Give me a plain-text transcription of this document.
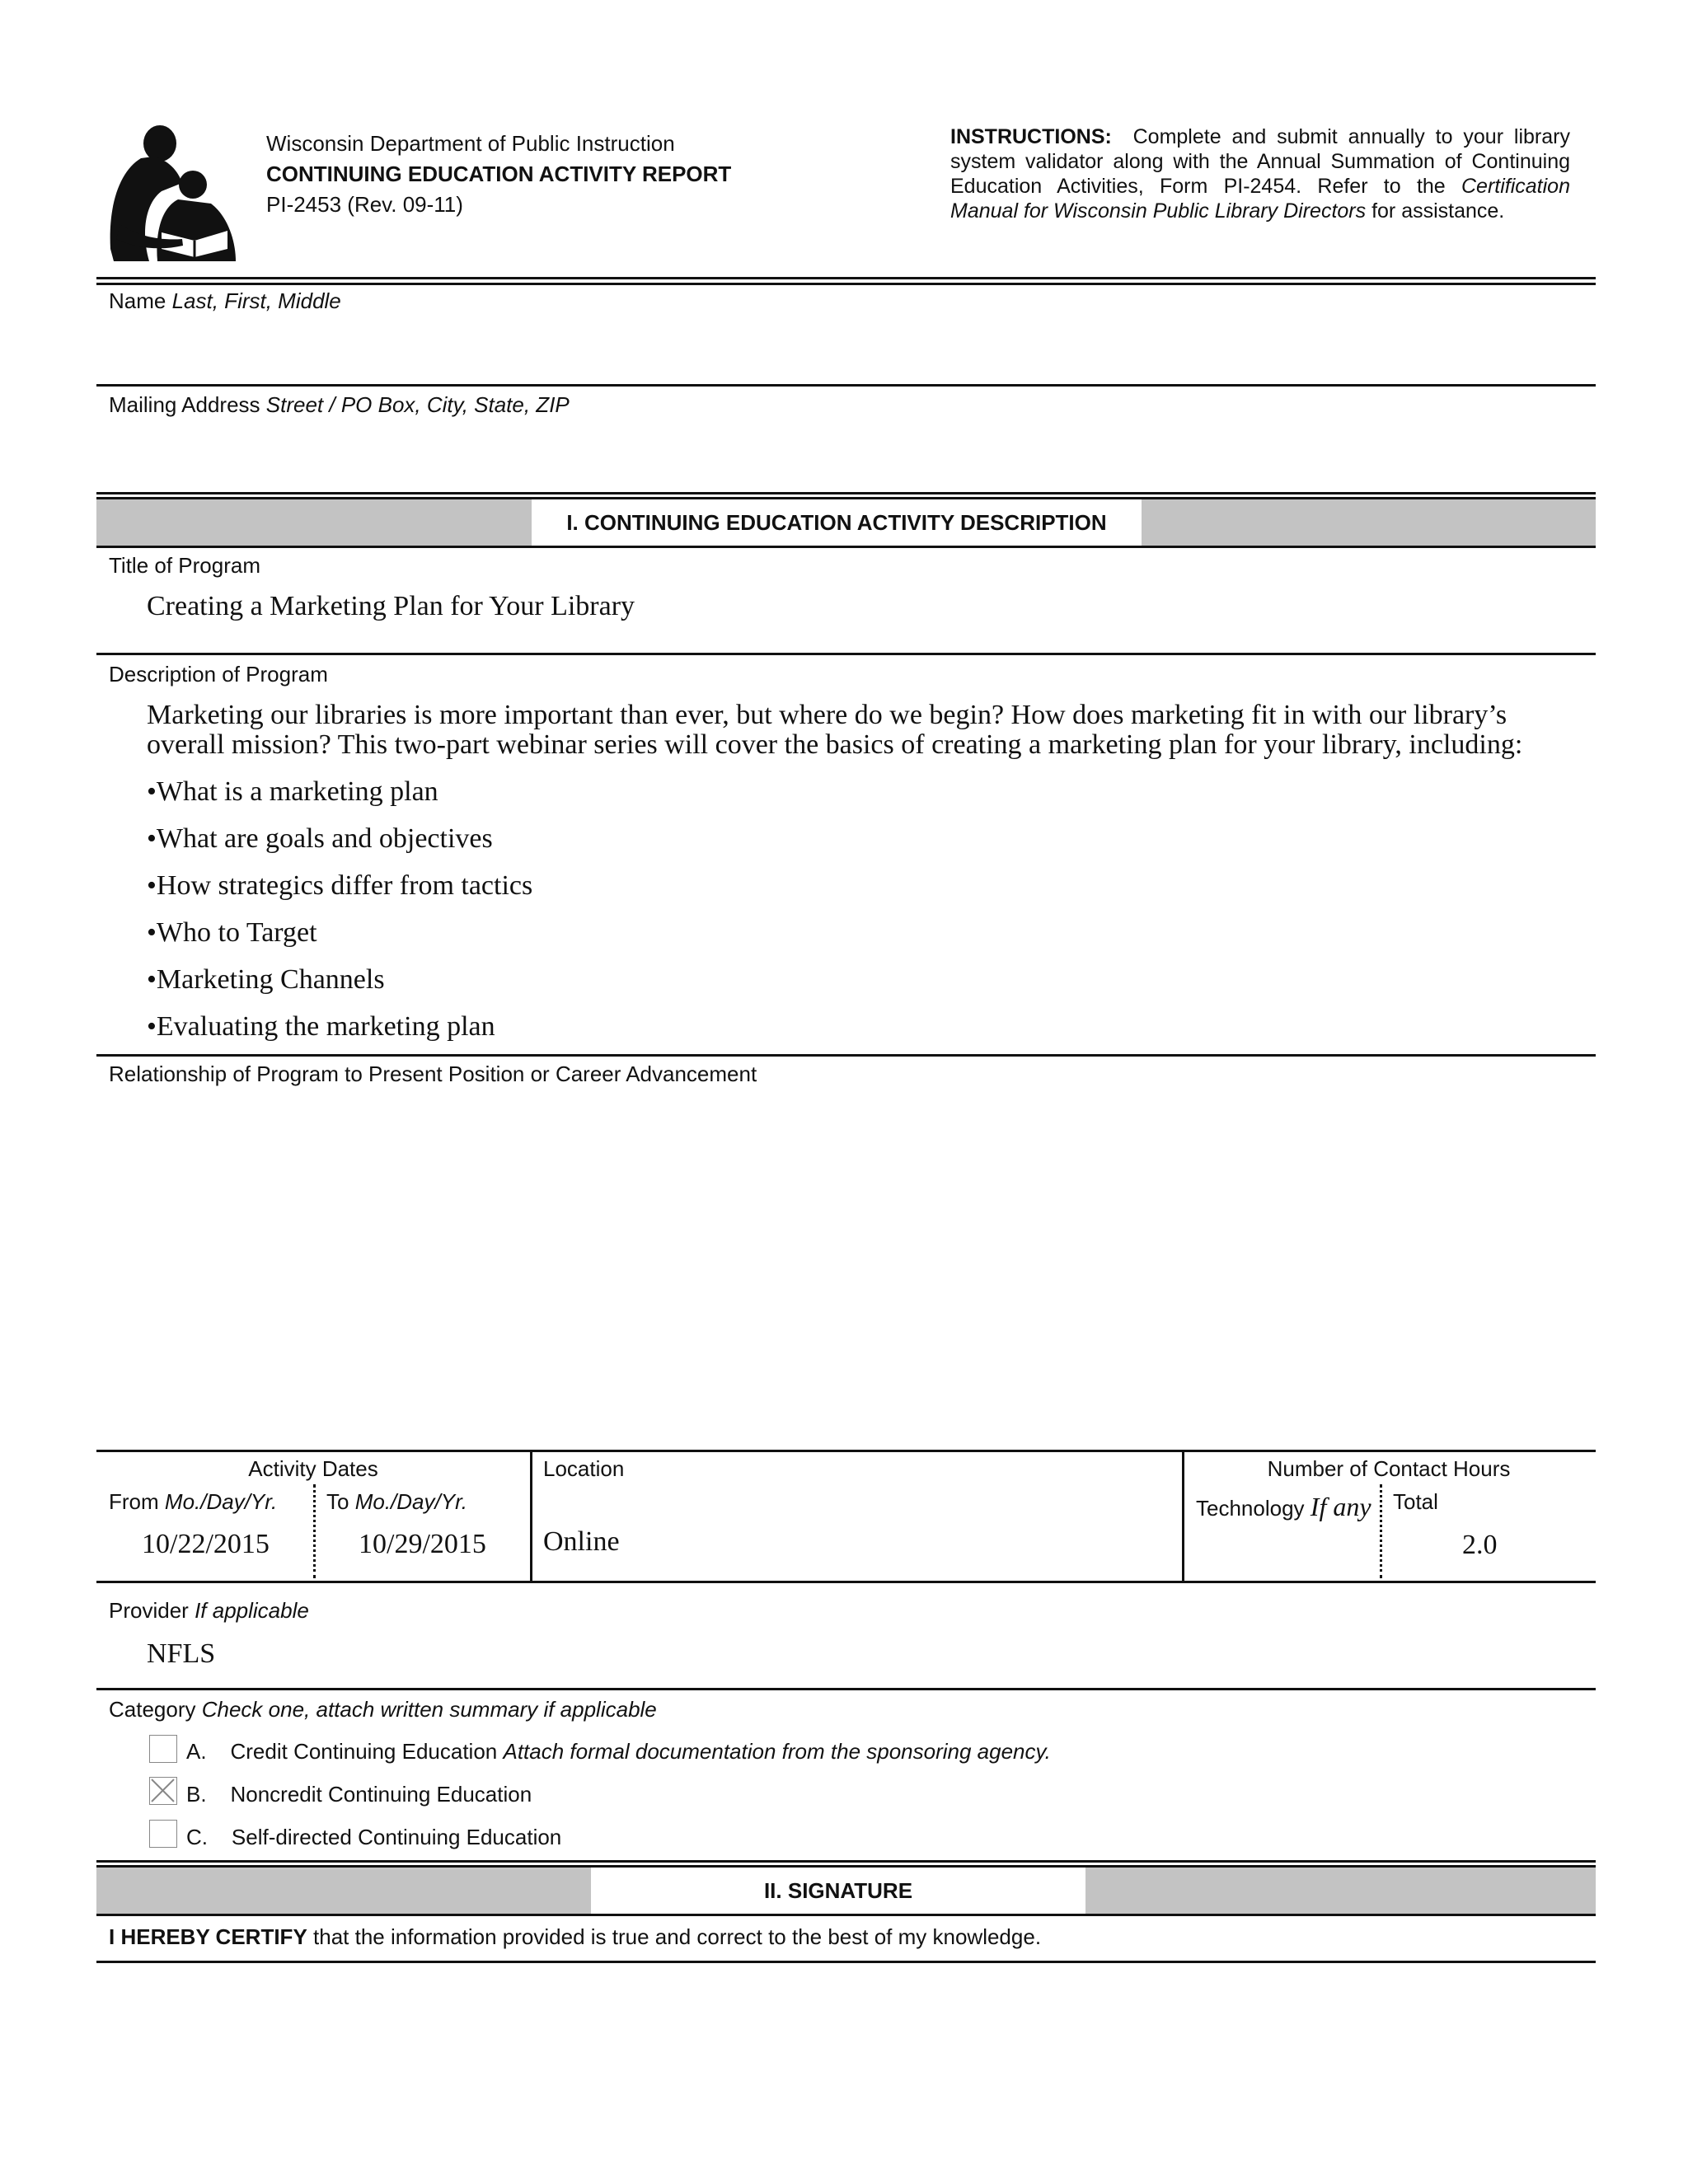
Wisconsin Department of Public Instruction
CONTINUING EDUCATION ACTIVITY REPORT
PI-2453 (Rev. 09-11)
INSTRUCTIONS: Complete and submit annually to your library system validator along with the Annual Summation of Continuing Education Activities, Form PI-2454. Refer to the Certification Manual for Wisconsin Public Library Directors for assistance.
Name Last, First, Middle
Mailing Address Street / PO Box, City, State, ZIP
I. CONTINUING EDUCATION ACTIVITY DESCRIPTION
Title of Program
Creating a Marketing Plan for Your Library
Description of Program
Marketing our libraries is more important than ever, but where do we begin? How does marketing fit in with our library’s overall mission? This two-part webinar series will cover the basics of creating a marketing plan for your library, including:
•What is a marketing plan
•What are goals and objectives
•How strategics differ from tactics
•Who to Target
•Marketing Channels
•Evaluating the marketing plan
Relationship of Program to Present Position or Career Advancement
Activity Dates
From Mo./Day/Yr. To Mo./Day/Yr.
10/22/2015	10/29/2015
Location
Online
Number of Contact Hours
Technology If any Total
2.0
Provider If applicable
NFLS
Category Check one, attach written summary if applicable
A. Credit Continuing Education Attach formal documentation from the sponsoring agency.
B. Noncredit Continuing Education
C. Self-directed Continuing Education
II. SIGNATURE
I HEREBY CERTIFY that the information provided is true and correct to the best of my knowledge.
